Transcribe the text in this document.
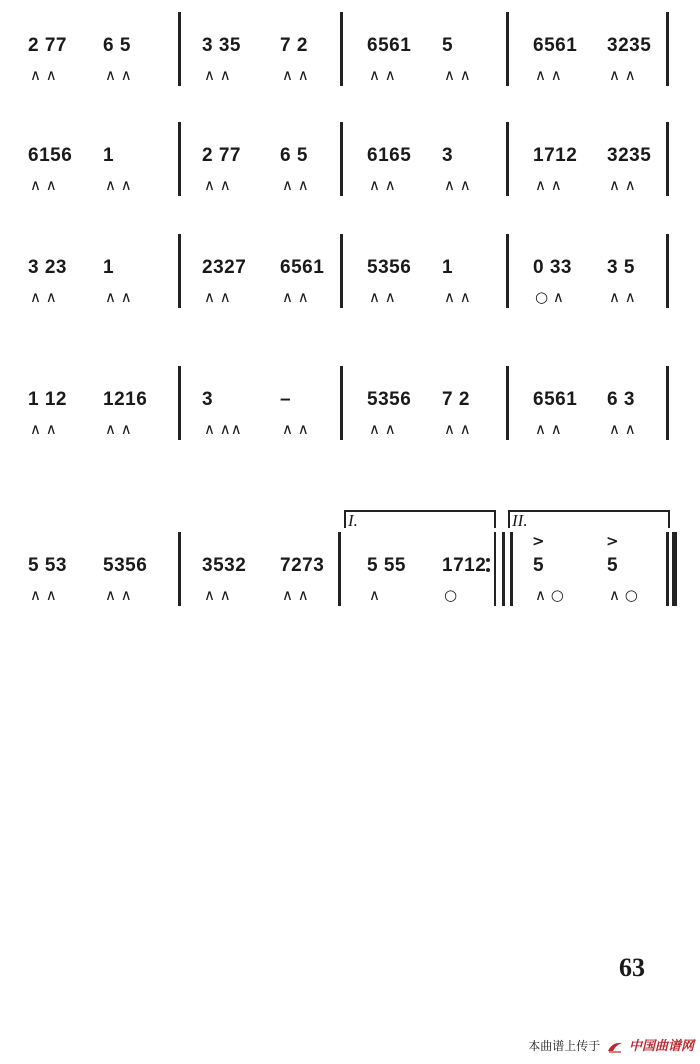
2 77
∧ ∧
6 5
∧ ∧
3 35
∧ ∧
7 2
∧ ∧
6561
∧ ∧
5
∧ ∧
6561
∧ ∧
3235
∧ ∧
6156
∧ ∧
1
∧ ∧
2 77
∧ ∧
6 5
∧ ∧
6165
∧ ∧
3
∧ ∧
1712
∧ ∧
3235
∧ ∧
3 23
∧ ∧
1
∧ ∧
2327
∧ ∧
6561
∧ ∧
5356
∧ ∧
1
∧ ∧
0 33
○ ∧
3 5
∧ ∧
1 12
∧ ∧
1216
∧ ∧
3
∧ ∧∧
–
∧ ∧
5356
∧ ∧
7 2
∧ ∧
6561
∧ ∧
6 3
∧ ∧
5 53
∧ ∧
5356
∧ ∧
3532
∧ ∧
7273
∧ ∧
5 55
∧
1712
○
5
∧ ○
5
∧ ○
>	>
I.	II.
63
本曲谱上传于 中国曲谱网
